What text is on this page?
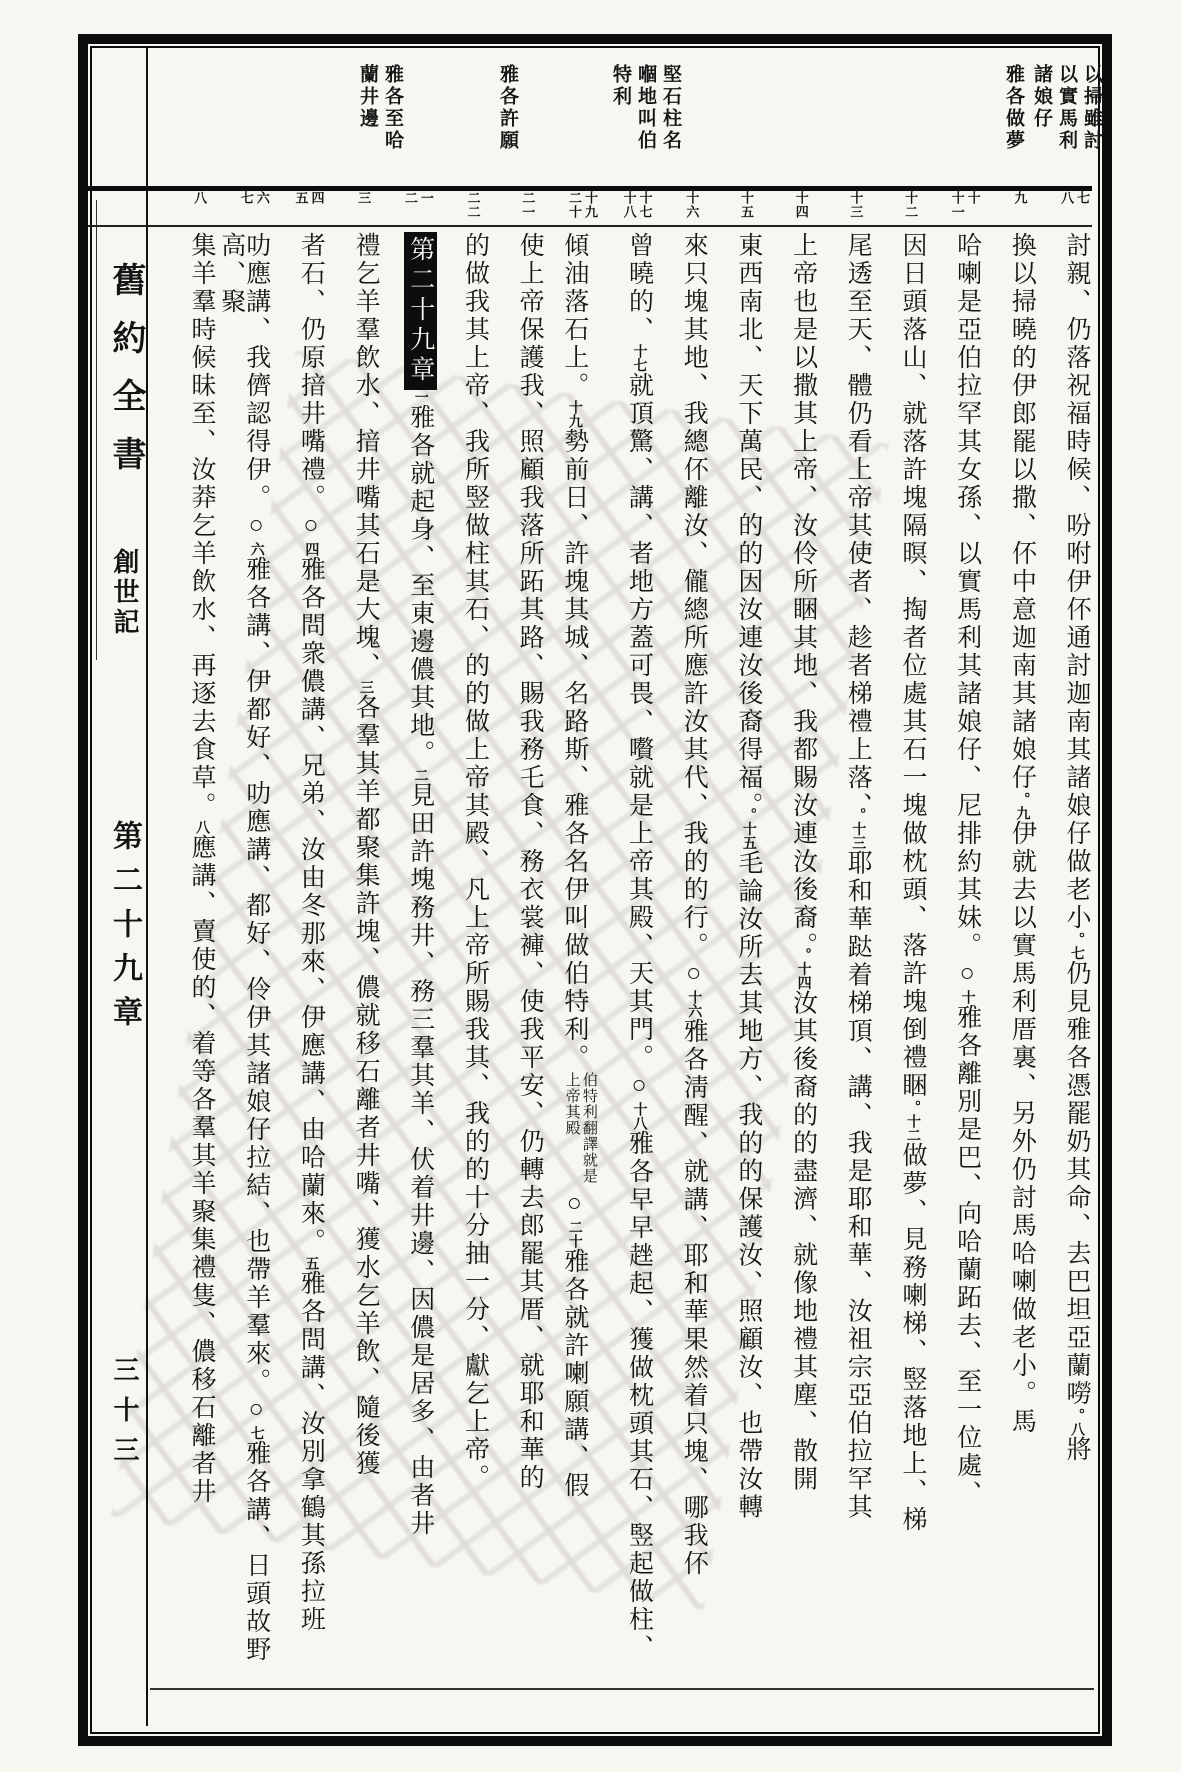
舊約全書
創世記
第二十九章
三十三
以掃雖討
以實馬利
諸娘仔
雅各做夢
堅石柱名
嗰地叫伯
特利
雅各許願
雅各至哈
蘭井邊
七
八
九
十
十一
十二
十三
十四
十五
十六
十七
十八
十九
二十
二一
二二
一
二
三
四
五
六
七
八
討親、仍落祝福時候、吩咐伊伓通討迦南其諸娘仔做老小。七仍見雅各憑罷奶其命、去巴坦亞蘭嘮。八將
換以掃曉的伊郎罷以撒、伓中意迦南其諸娘仔。九伊就去以實馬利厝裏、另外仍討馬哈喇做老小。馬
哈喇是亞伯拉罕其女孫、以實馬利其諸娘仔、尼排約其妹。○十雅各離別是巴、向哈蘭跖去、至一位處、
因日頭落山、就落許塊隔暝、掏者位處其石一塊做枕頭、落許塊倒禮睏。十二做夢、見務喇梯、竪落地上、梯
尾透至天、體仍看上帝其使者、趁者梯禮上落、。十三耶和華跶着梯頂、講、我是耶和華、汝祖宗亞伯拉罕其
上帝也是以撒其上帝、汝伶所睏其地、我都賜汝連汝後裔。。十四汝其後裔的的盡濟、就像地禮其塵、散開
東西南北、天下萬民、的的因汝連汝後裔得福。。十五毛論汝所去其地方、我的的保護汝、照顧汝、也帶汝轉
來只塊其地、我總伓離汝、儱總所應許汝其代、我的的行。○十六雅各淸醒、就講、耶和華果然着只塊、哪我伓
曾曉的、十七就頂驚、講、者地方蓋可畏、嚽就是上帝其殿、天其門。○十八雅各早早趖起、獲做枕頭其石、竪起做柱、
傾油落石上。十九勢前日、許塊其城、名路斯、雅各名伊叫做伯特利。伯特利翻譯就是上帝其殿○二十雅各就許喇願講、假
使上帝保護我、照顧我落所跖其路、賜我務乇食、務衣裳褲、使我平安、仍轉去郎罷其厝、就耶和華的
的做我其上帝、我所竪做柱其石、的的做上帝其殿、凡上帝所賜我其、我的的十分抽一分、獻乞上帝。
第二十九章一雅各就起身、至東邊儂其地。二見田許塊務井、務三羣其羊、伏着井邊、因儂是居多、由者井
禮乞羊羣飲水、揞井嘴其石是大塊、三各羣其羊都聚集許塊、儂就移石離者井嘴、獲水乞羊飲、隨後獲
者石、仍原揞井嘴禮。○四雅各問衆儂講、兄弟、汝由冬那來、伊應講、由哈蘭來。五雅各問講、汝別拿鶴其孫拉班
叻應講、我儕認得伊。○六雅各講、伊都好、叻應講、都好、伶伊其諸娘仔拉結、也帶羊羣來。○七雅各講、日頭故野高、聚
集羊羣時候昧至、汝莽乞羊飲水、再逐去食草。八應講、賣使的、着等各羣其羊聚集禮隻、儂移石離者井
